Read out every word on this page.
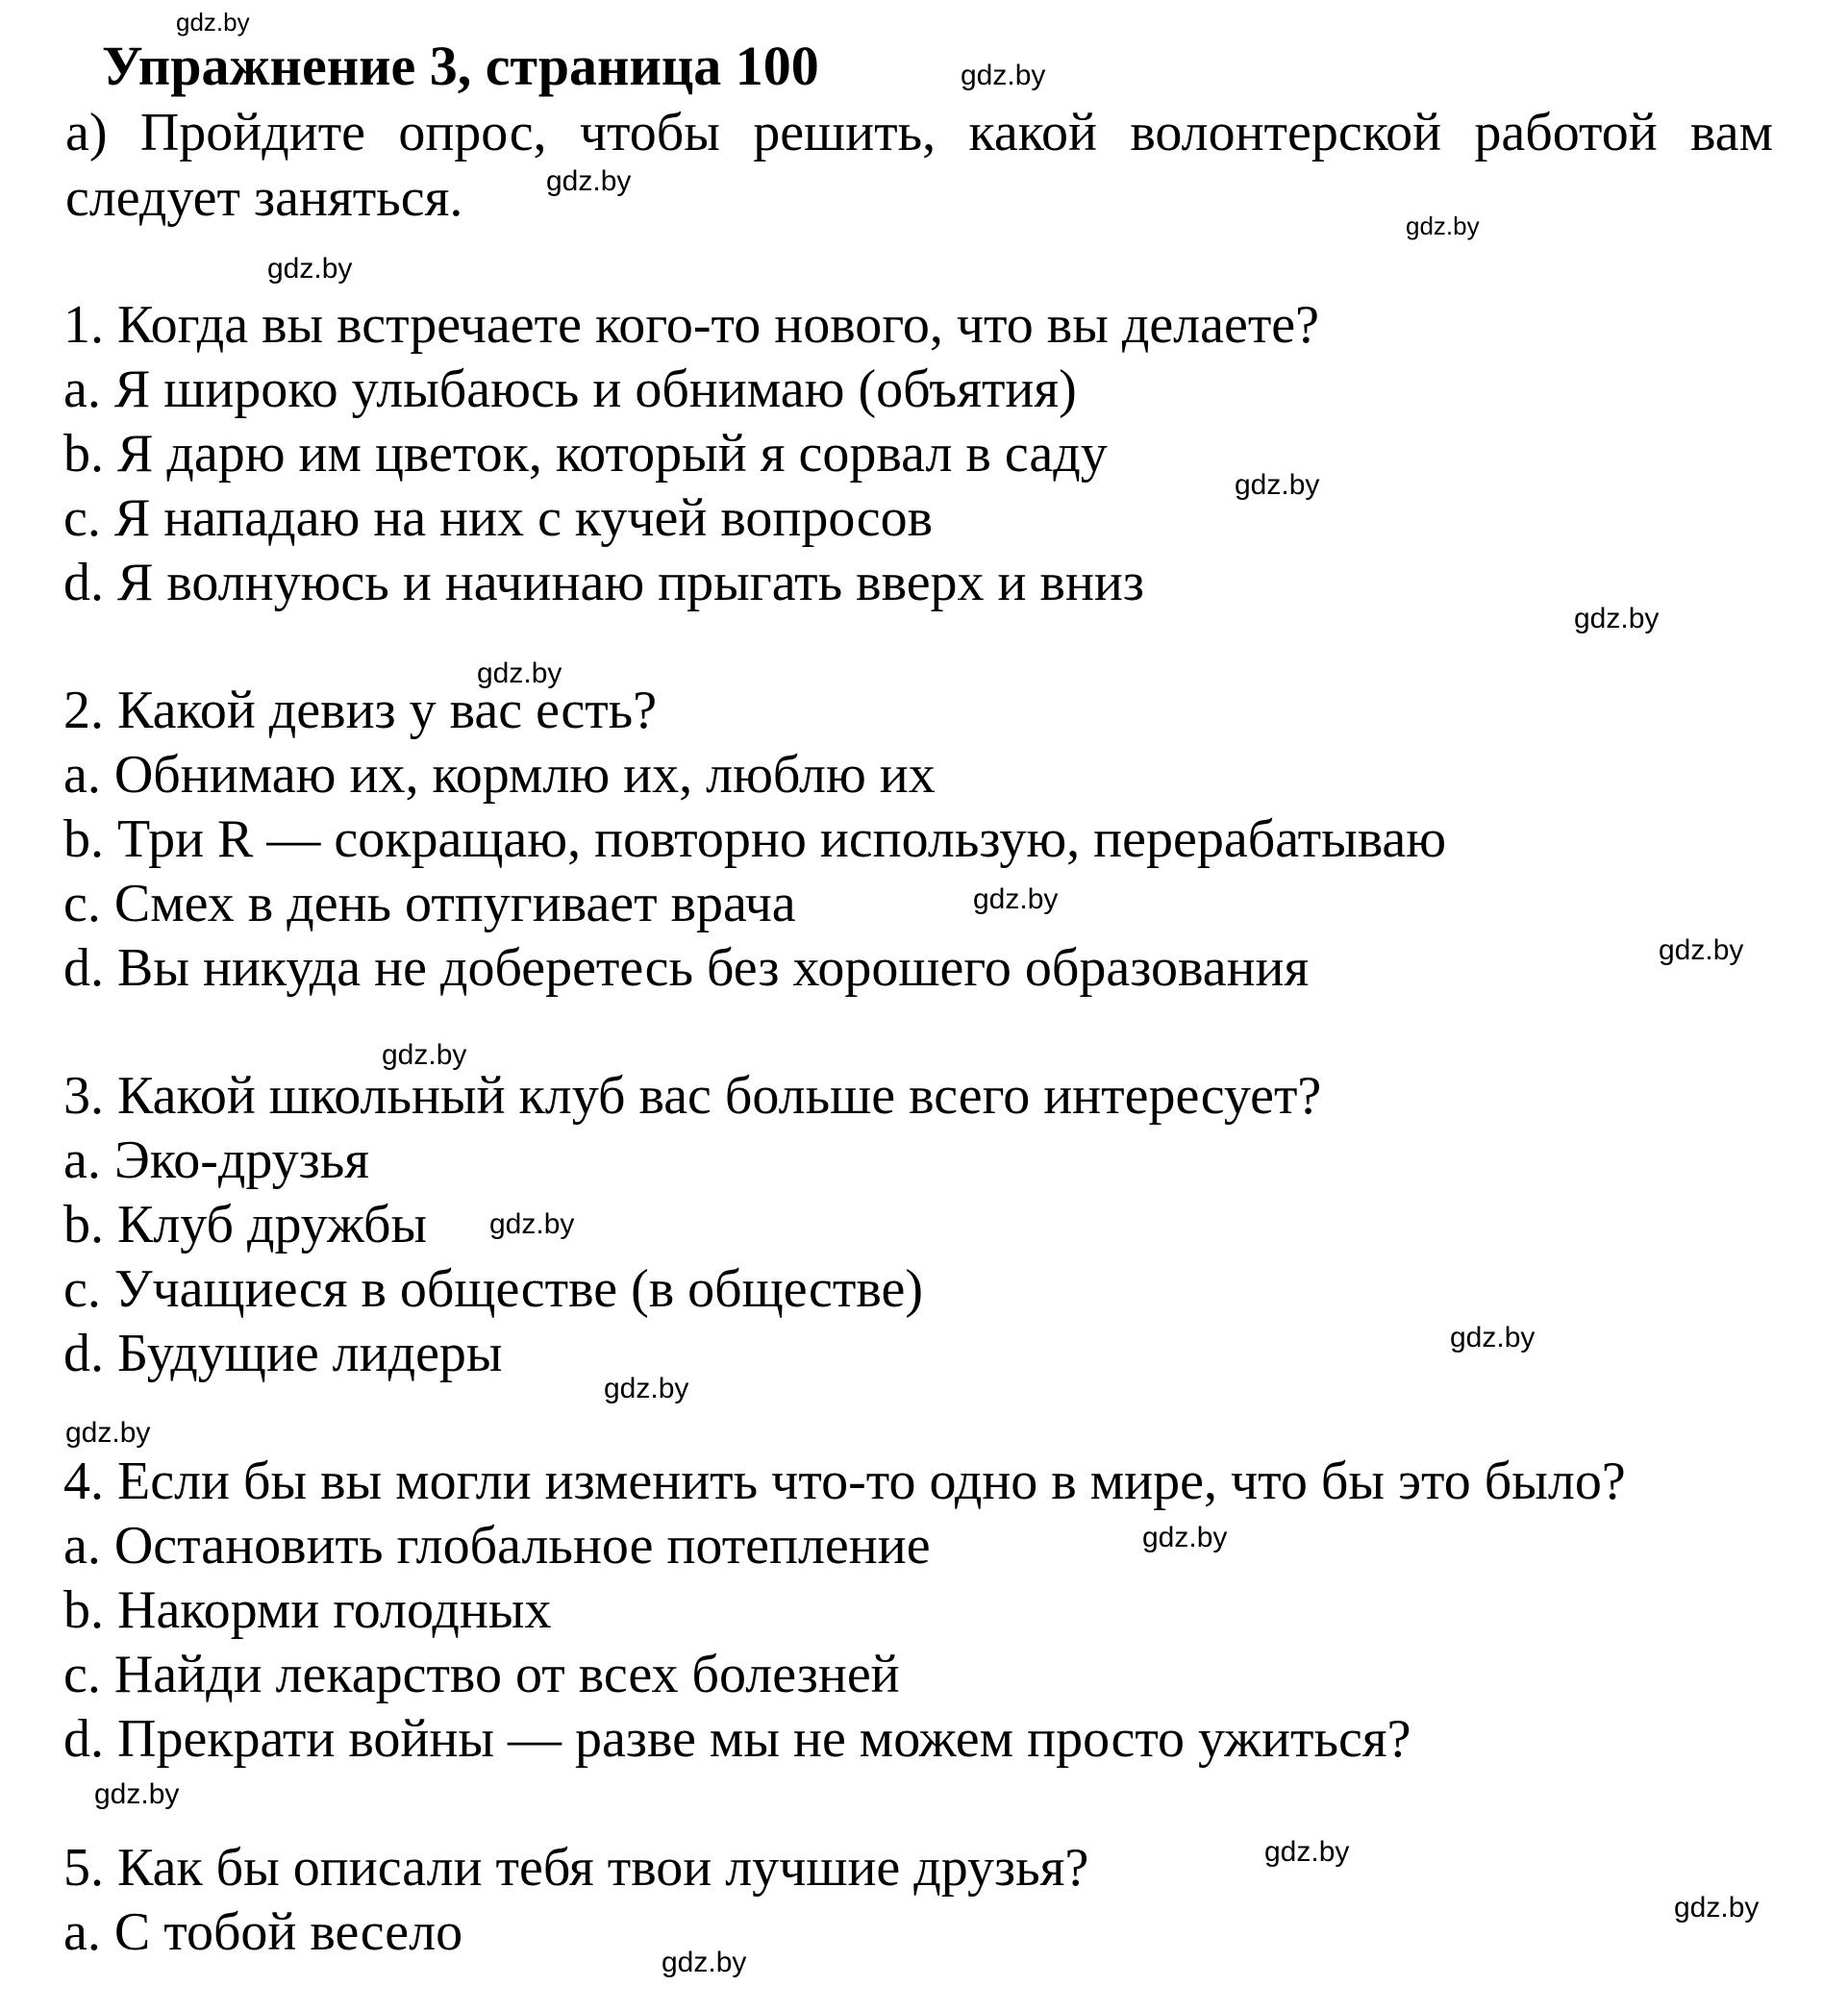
Упражнение 3, страница 100
а) Пройдите опрос, чтобы решить, какой волонтерской работой вам следует заняться.
1. Когда вы встречаете кого-то нового, что вы делаете?
a. Я широко улыбаюсь и обнимаю (объятия)
b. Я дарю им цветок, который я сорвал в саду
c. Я нападаю на них с кучей вопросов
d. Я волнуюсь и начинаю прыгать вверх и вниз
2. Какой девиз у вас есть?
a. Обнимаю их, кормлю их, люблю их
b. Три R — сокращаю, повторно использую, перерабатываю
c. Смех в день отпугивает врача
d. Вы никуда не доберетесь без хорошего образования
3. Какой школьный клуб вас больше всего интересует?
a. Эко-друзья
b. Клуб дружбы
c. Учащиеся в обществе (в обществе)
d. Будущие лидеры
4. Если бы вы могли изменить что-то одно в мире, что бы это было?
a. Остановить глобальное потепление
b. Накорми голодных
c. Найди лекарство от всех болезней
d. Прекрати войны — разве мы не можем просто ужиться?
5. Как бы описали тебя твои лучшие друзья?
a. С тобой весело
gdz.by
gdz.by
gdz.by
gdz.by
gdz.by
gdz.by
gdz.by
gdz.by
gdz.by
gdz.by
gdz.by
gdz.by
gdz.by
gdz.by
gdz.by
gdz.by
gdz.by
gdz.by
gdz.by
gdz.by
